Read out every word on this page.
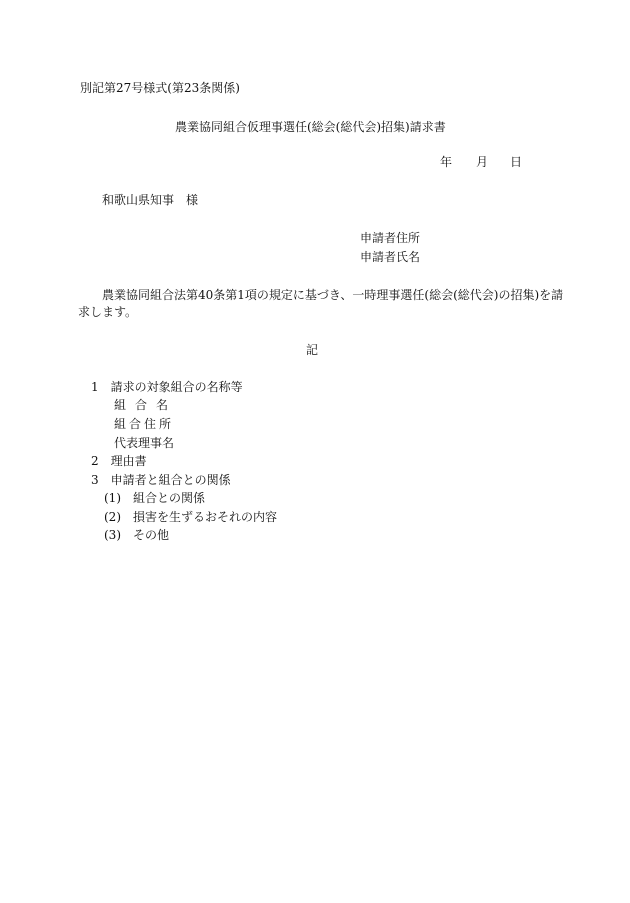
別記第27号様式(第23条関係)
農業協同組合仮理事選任(総会(総代会)招集)請求書
年 月 日
和歌山県知事　様
申請者住所
申請者氏名
農業協同組合法第40条第1項の規定に基づき、一時理事選任(総会(総代会)の招集)を請
求します。
記
1　請求の対象組合の名称等
組合名
組合住所
代表理事名
2　理由書
3　申請者と組合との関係
(1)　組合との関係
(2)　損害を生ずるおそれの内容
(3)　その他
